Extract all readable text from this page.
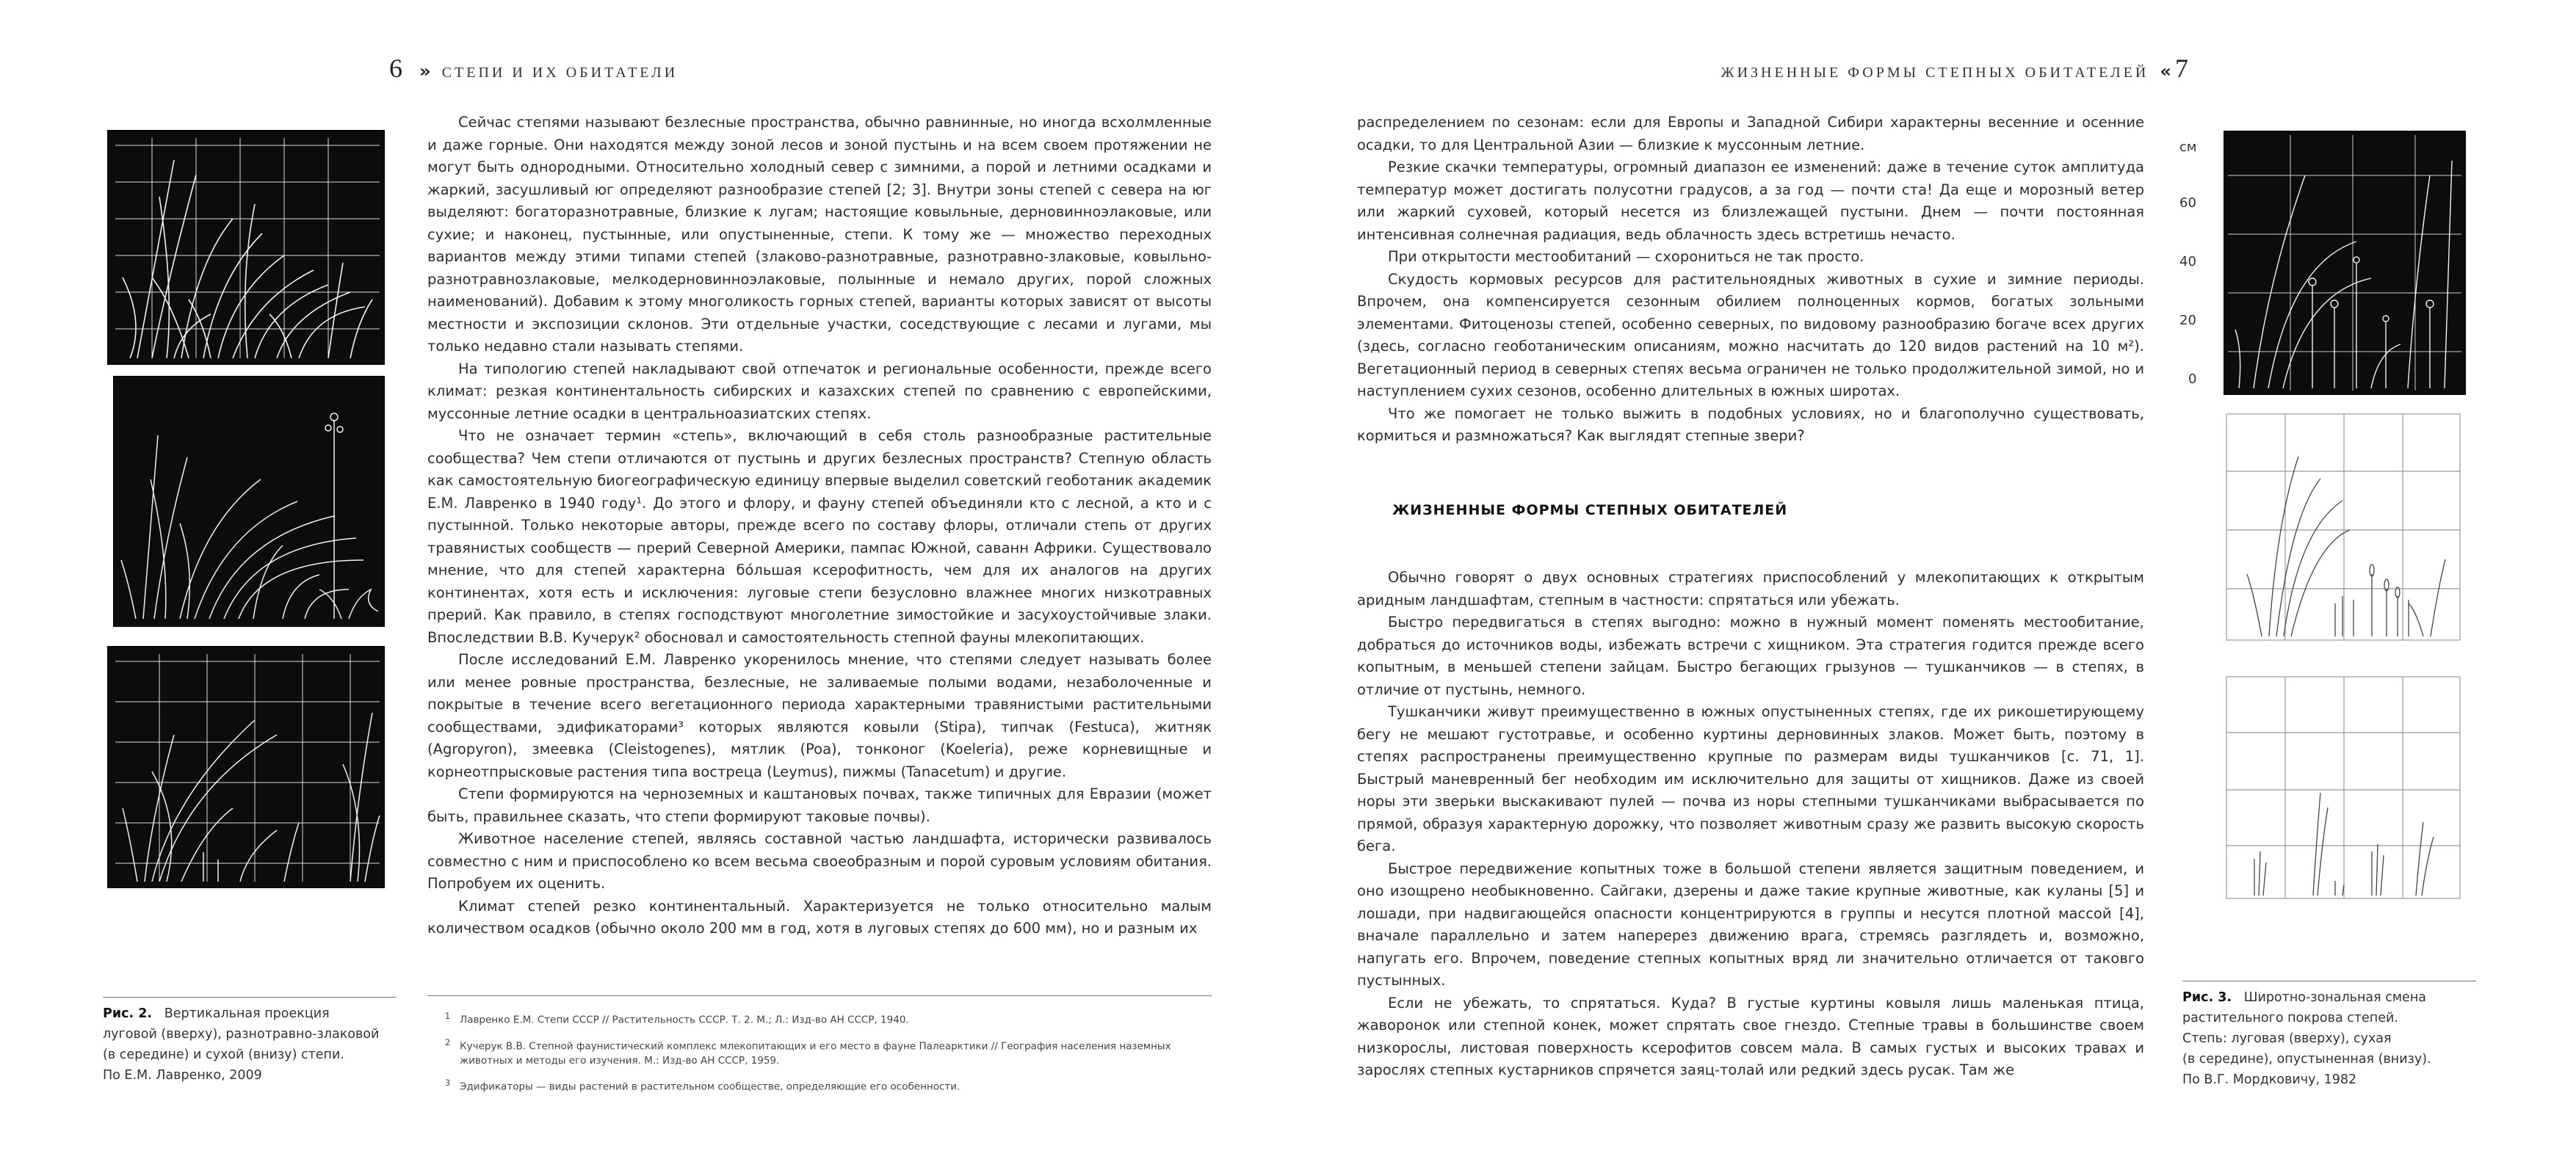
6 » СТЕПИ И ИХ ОБИТАТЕЛИ
Рис. 2. Вертикальная проекция
луговой (вверху), разнотравно-злаковой
(в середине) и сухой (внизу) степи.
По Е.М. Лавренко, 2009

Сейчас степями называют безлесные пространства, обычно равнинные, но иногда всхолмленные и даже горные. Они находятся между зоной лесов и зоной пустынь и на всем своем протяжении не могут быть однородными. Относительно холодный север с зимними, а порой и летними осадками и жаркий, засушливый юг определяют разнообразие степей [2; 3]. Внутри зоны степей с севера на юг выделяют: богаторазнотравные, близкие к лугам; настоящие ковыльные, дерновинноэлаковые, или сухие; и наконец, пустынные, или опустыненные, степи. К тому же — множество переходных вариантов между этими типами степей (злаково-разнотравные, разнотравно-злаковые, ковыльно-разнотравнозлаковые, мелкодерновинноэлаковые, полынные и немало других, порой сложных наименований). Добавим к этому многоликость горных степей, варианты которых зависят от высоты местности и экспозиции склонов. Эти отдельные участки, соседствующие с лесами и лугами, мы только недавно стали называть степями.

На типологию степей накладывают свой отпечаток и региональные особенности, прежде всего климат: резкая континентальность сибирских и казахских степей по сравнению с европейскими, муссонные летние осадки в центральноазиатских степях.

Что не означает термин «степь», включающий в себя столь разнообразные растительные сообщества? Чем степи отличаются от пустынь и других безлесных пространств? Степную область как самостоятельную биогеографическую единицу впервые выделил советский геоботаник академик Е.М. Лавренко в 1940 году¹. До этого и флору, и фауну степей объединяли кто с лесной, а кто и с пустынной. Только некоторые авторы, прежде всего по составу флоры, отличали степь от других травянистых сообществ — прерий Северной Америки, пампас Южной, саванн Африки. Существовало мнение, что для степей характерна бо́льшая ксерофитность, чем для их аналогов на других континентах, хотя есть и исключения: луговые степи безусловно влажнее многих низкотравных прерий. Как правило, в степях господствуют многолетние зимостойкие и засухоустойчивые злаки. Впоследствии В.В. Кучерук² обосновал и самостоятельность степной фауны млекопитающих.

После исследований Е.М. Лавренко укоренилось мнение, что степями следует называть более или менее ровные пространства, безлесные, не заливаемые полыми водами, незаболоченные и покрытые в течение всего вегетационного периода характерными травянистыми растительными сообществами, эдификаторами³ которых являются ковыли (Stipa), типчак (Festuca), житняк (Agropyron), змеевка (Cleistogenes), мятлик (Poa), тонконог (Koeleria), реже корневищные и корнеотпрысковые растения типа вострeца (Leymus), пижмы (Tanacetum) и другие.

Степи формируются на черноземных и каштановых почвах, также типичных для Евразии (может быть, правильнее сказать, что степи формируют таковые почвы).

Животное население степей, являясь составной частью ландшафта, исторически развивалось совместно с ним и приспособлено ко всем весьма своеобразным и порой суровым условиям обитания. Попробуем их оценить.

Климат степей резко континентальный. Характеризуется не только относительно малым количеством осадков (обычно около 200 мм в год, хотя в луговых степях до 600 мм), но и разным их

$^1$ Лавренко Е.М. Степи СССР // Растительность СССР. Т. 2. М.; Л.: Изд-во АН СССР, 1940.
$^2$ Кучерук В.В. Степной фаунистический комплекс млекопитающих и его место в фауне Палеарктики // География населения наземных животных и методы его изучения. М.: Изд-во АН СССР, 1959.
$^3$ Эдификаторы — виды растений в растительном сообществе, определяющие его особенности.
ЖИЗНЕННЫЕ ФОРМЫ СТЕПНЫХ ОБИТАТЕЛЕЙ « 7

распределением по сезонам: если для Европы и Западной Сибири характерны весенние и осенние осадки, то для Центральной Азии — близкие к муссонным летние.

Резкие скачки температуры, огромный диапазон ее изменений: даже в течение суток амплитуда температур может достигать полусотни градусов, а за год — почти ста! Да еще и морозный ветер или жаркий суховей, который несется из близлежащей пустыни. Днем — почти постоянная интенсивная солнечная радиация, ведь облачность здесь встретишь нечасто.

При открытости местообитаний — схорониться не так просто.

Скудость кормовых ресурсов для растительноядных животных в сухие и зимние периоды. Впрочем, она компенсируется сезонным обилием полноценных кормов, богатых зольными элементами. Фитоценозы степей, особенно северных, по видовому разнообразию богаче всех других (здесь, согласно геоботаническим описаниям, можно насчитать до 120 видов растений на 10 м²). Вегетационный период в северных степях весьма ограничен не только продолжительной зимой, но и наступлением сухих сезонов, особенно длительных в южных широтах.

Что же помогает не только выжить в подобных условиях, но и благополучно существовать, кормиться и размножаться? Как выглядят степные звери?

ЖИЗНЕННЫЕ ФОРМЫ СТЕПНЫХ ОБИТАТЕЛЕЙ

Обычно говорят о двух основных стратегиях приспособлений у млекопитающих к открытым аридным ландшафтам, степным в частности: спрятаться или убежать.

Быстро передвигаться в степях выгодно: можно в нужный момент поменять местообитание, добраться до источников воды, избежать встречи с хищником. Эта стратегия годится прежде всего копытным, в меньшей степени зайцам. Быстро бегающих грызунов — тушканчиков — в степях, в отличие от пустынь, немного.

Тушканчики живут преимущественно в южных опустыненных степях, где их рикошетирующему бегу не мешают густотравье, и особенно куртины дерновинных злаков. Может быть, поэтому в степях распространены преимущественно крупные по размерам виды тушканчиков [с. 71, 1]. Быстрый маневренный бег необходим им исключительно для защиты от хищников. Даже из своей норы эти зверьки выскакивают пулей — почва из норы степными тушканчиками выбрасывается по прямой, образуя характерную дорожку, что позволяет животным сразу же развить высокую скорость бега.

Быстрое передвижение копытных тоже в большой степени является защитным поведением, и оно изощрено необыкновенно. Сайгаки, дзерены и даже такие крупные животные, как куланы [5] и лошади, при надвигающейся опасности концентрируются в группы и несутся плотной массой [4], вначале параллельно и затем наперерез движению врага, стремясь разглядеть и, возможно, напугать его. Впрочем, поведение степных копытных вряд ли значительно отличается от таковго пустынных.

Если не убежать, то спрятаться. Куда? В густые куртины ковыля лишь маленькая птица, жаворонок или степной конек, может спрятать свое гнездо. Степные травы в большинстве своем низкорослы, листовая поверхность ксерофитов совсем мала. В самых густых и высоких травах и зарослях степных кустарников спрячется заяц-толай или редкий здесь русак. Там же

см
60
40
20
0
Рис. 3. Широтно-зональная смена
растительного покрова степей.
Степь: луговая (вверху), сухая
(в середине), опустыненная (внизу).
По В.Г. Мордковичу, 1982
